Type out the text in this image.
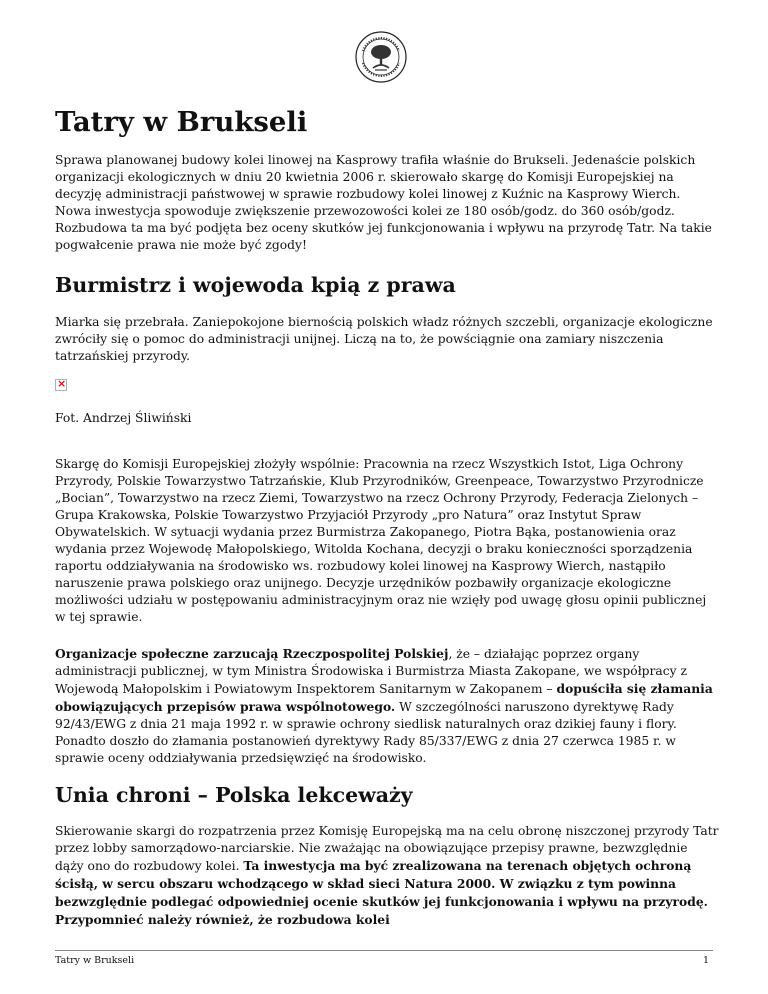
Tatry w Brukseli

Sprawa planowanej budowy kolei linowej na Kasprowy trafiła właśnie do Brukseli. Jedenaście polskich organizacji ekologicznych w dniu 20 kwietnia 2006 r. skierowało skargę do Komisji Europejskiej na decyzję administracji państwowej w sprawie rozbudowy kolei linowej z Kuźnic na Kasprowy Wierch. Nowa inwestycja spowoduje zwiększenie przewozowości kolei ze 180 osób/godz. do 360 osób/godz. Rozbudowa ta ma być podjęta bez oceny skutków jej funkcjonowania i wpływu na przyrodę Tatr. Na takie pogwałcenie prawa nie może być zgody!

Burmistrz i wojewoda kpią z prawa

Miarka się przebrała. Zaniepokojone biernością polskich władz różnych szczebli, organizacje ekologiczne zwróciły się o pomoc do administracji unijnej. Liczą na to, że powściągnie ona zamiary niszczenia tatrzańskiej przyrody.

×

Fot. Andrzej Śliwiński

Skargę do Komisji Europejskiej złożyły wspólnie: Pracownia na rzecz Wszystkich Istot, Liga Ochrony Przyrody, Polskie Towarzystwo Tatrzańskie, Klub Przyrodników, Greenpeace, Towarzystwo Przyrodnicze „Bocian”, Towarzystwo na rzecz Ziemi, Towarzystwo na rzecz Ochrony Przyrody, Federacja Zielonych – Grupa Krakowska, Polskie Towarzystwo Przyjaciół Przyrody „pro Natura” oraz Instytut Spraw Obywatelskich. W sytuacji wydania przez Burmistrza Zakopanego, Piotra Bąka, postanowienia oraz wydania przez Wojewodę Małopolskiego, Witolda Kochana, decyzji o braku konieczności sporządzenia raportu oddziaływania na środowisko ws. rozbudowy kolei linowej na Kasprowy Wierch, nastąpiło naruszenie prawa polskiego oraz unijnego. Decyzje urzędników pozbawiły organizacje ekologiczne możliwości udziału w postępowaniu administracyjnym oraz nie wzięły pod uwagę głosu opinii publicznej w tej sprawie.

Organizacje społeczne zarzucają Rzeczpospolitej Polskiej, że – działając poprzez organy administracji publicznej, w tym Ministra Środowiska i Burmistrza Miasta Zakopane, we współpracy z Wojewodą Małopolskim i Powiatowym Inspektorem Sanitarnym w Zakopanem – dopuściła się złamania obowiązujących przepisów prawa wspólnotowego. W szczególności naruszono dyrektywę Rady 92/43/EWG z dnia 21 maja 1992 r. w sprawie ochrony siedlisk naturalnych oraz dzikiej fauny i flory. Ponadto doszło do złamania postanowień dyrektywy Rady 85/337/EWG z dnia 27 czerwca 1985 r. w sprawie oceny oddziaływania przedsięwzięć na środowisko.

Unia chroni – Polska lekceważy

Skierowanie skargi do rozpatrzenia przez Komisję Europejską ma na celu obronę niszczonej przyrody Tatr przez lobby samorządowo-narciarskie. Nie zważając na obowiązujące przepisy prawne, bezwzględnie dąży ono do rozbudowy kolei. Ta inwestycja ma być zrealizowana na terenach objętych ochroną ścisłą, w sercu obszaru wchodzącego w skład sieci Natura 2000. W związku z tym powinna bezwzględnie podlegać odpowiedniej ocenie skutków jej funkcjonowania i wpływu na przyrodę. Przypomnieć należy również, że rozbudowa kolei

Tatry w Brukseli	1
